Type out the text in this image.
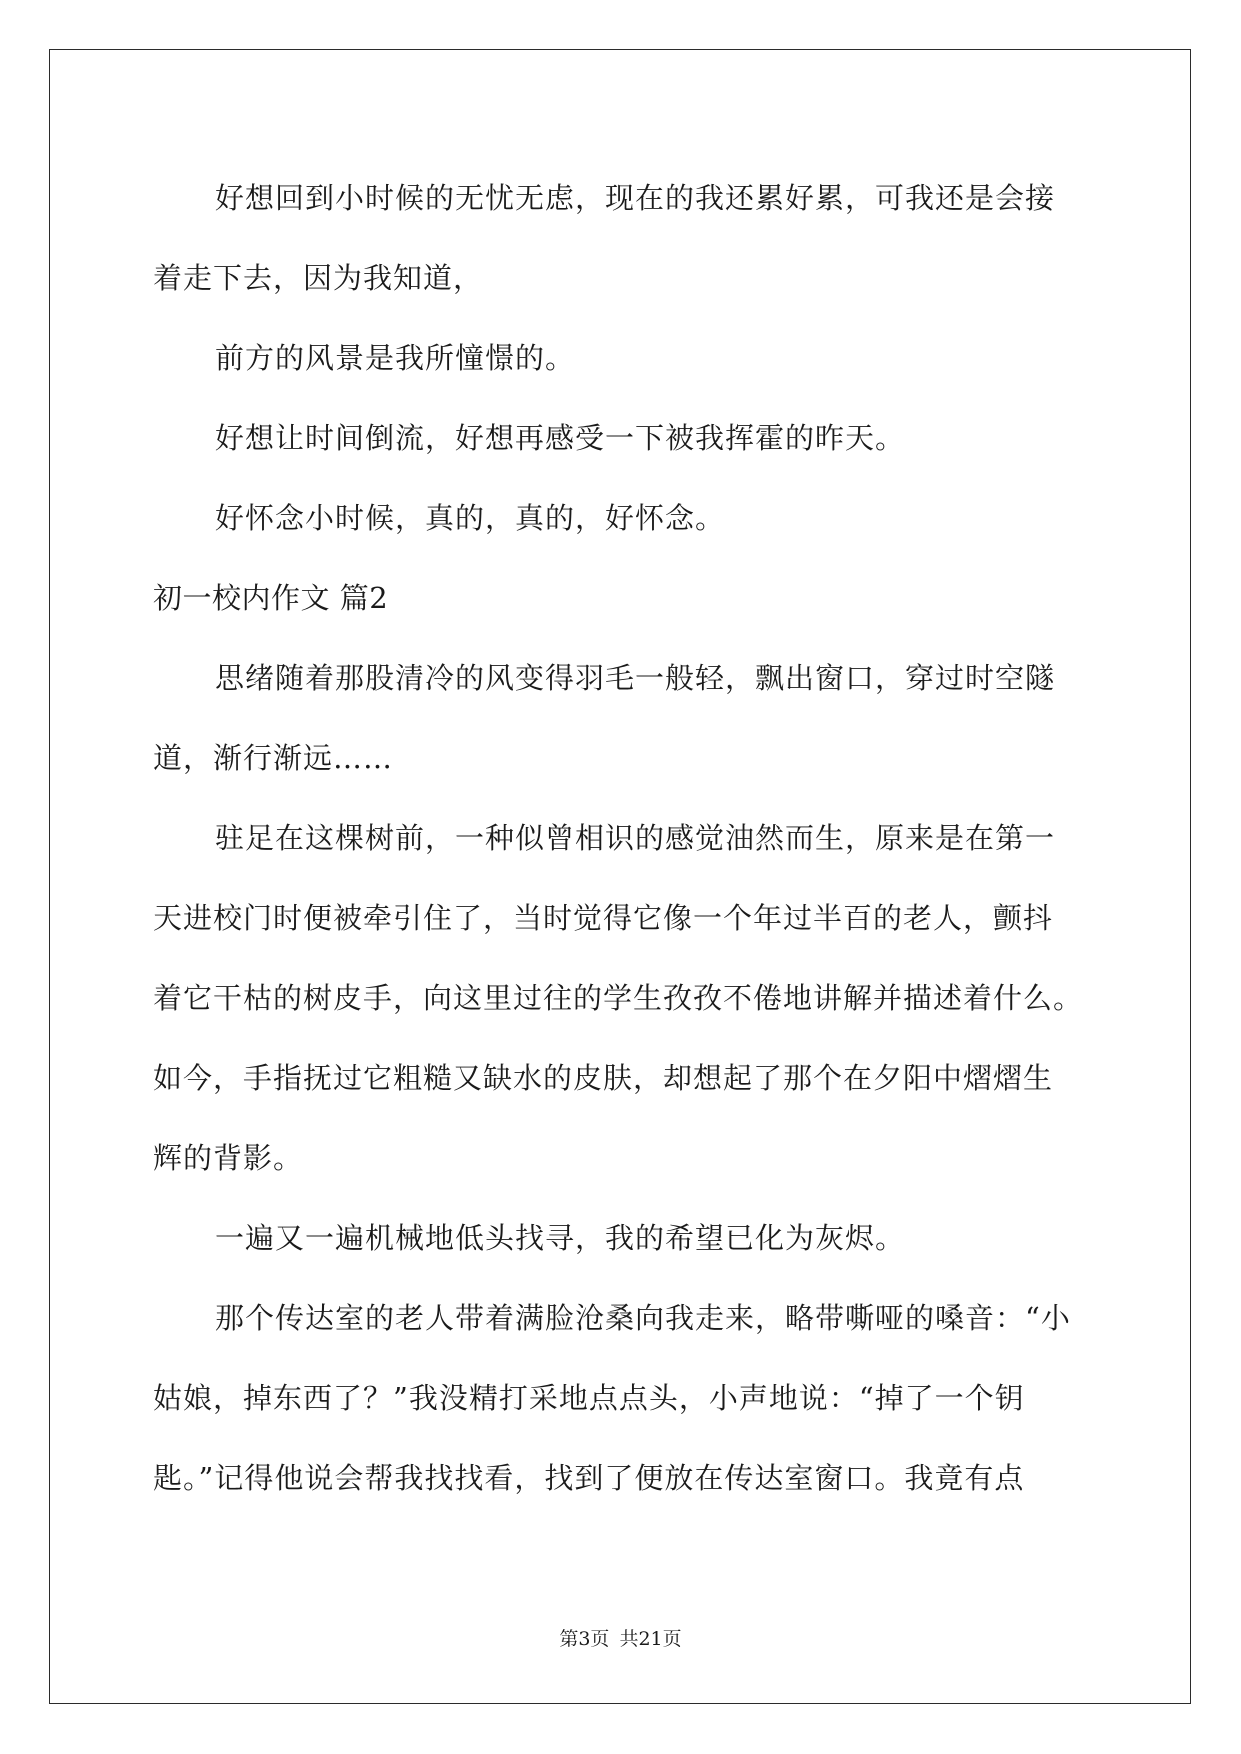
好想回到小时候的无忧无虑，现在的我还累好累，可我还是会接
着走下去，因为我知道，
前方的风景是我所憧憬的。
好想让时间倒流，好想再感受一下被我挥霍的昨天。
好怀念小时候，真的，真的，好怀念。
初一校内作文 篇2
思绪随着那股清冷的风变得羽毛一般轻，飘出窗口，穿过时空隧
道，渐行渐远……
驻足在这棵树前，一种似曾相识的感觉油然而生，原来是在第一
天进校门时便被牵引住了，当时觉得它像一个年过半百的老人，颤抖
着它干枯的树皮手，向这里过往的学生孜孜不倦地讲解并描述着什么。
如今，手指抚过它粗糙又缺水的皮肤，却想起了那个在夕阳中熠熠生
辉的背影。
一遍又一遍机械地低头找寻，我的希望已化为灰烬。
那个传达室的老人带着满脸沧桑向我走来，略带嘶哑的嗓音：“小
姑娘，掉东西了？”我没精打采地点点头，小声地说：“掉了一个钥
匙。”记得他说会帮我找找看，找到了便放在传达室窗口。我竟有点
第3页 共21页
